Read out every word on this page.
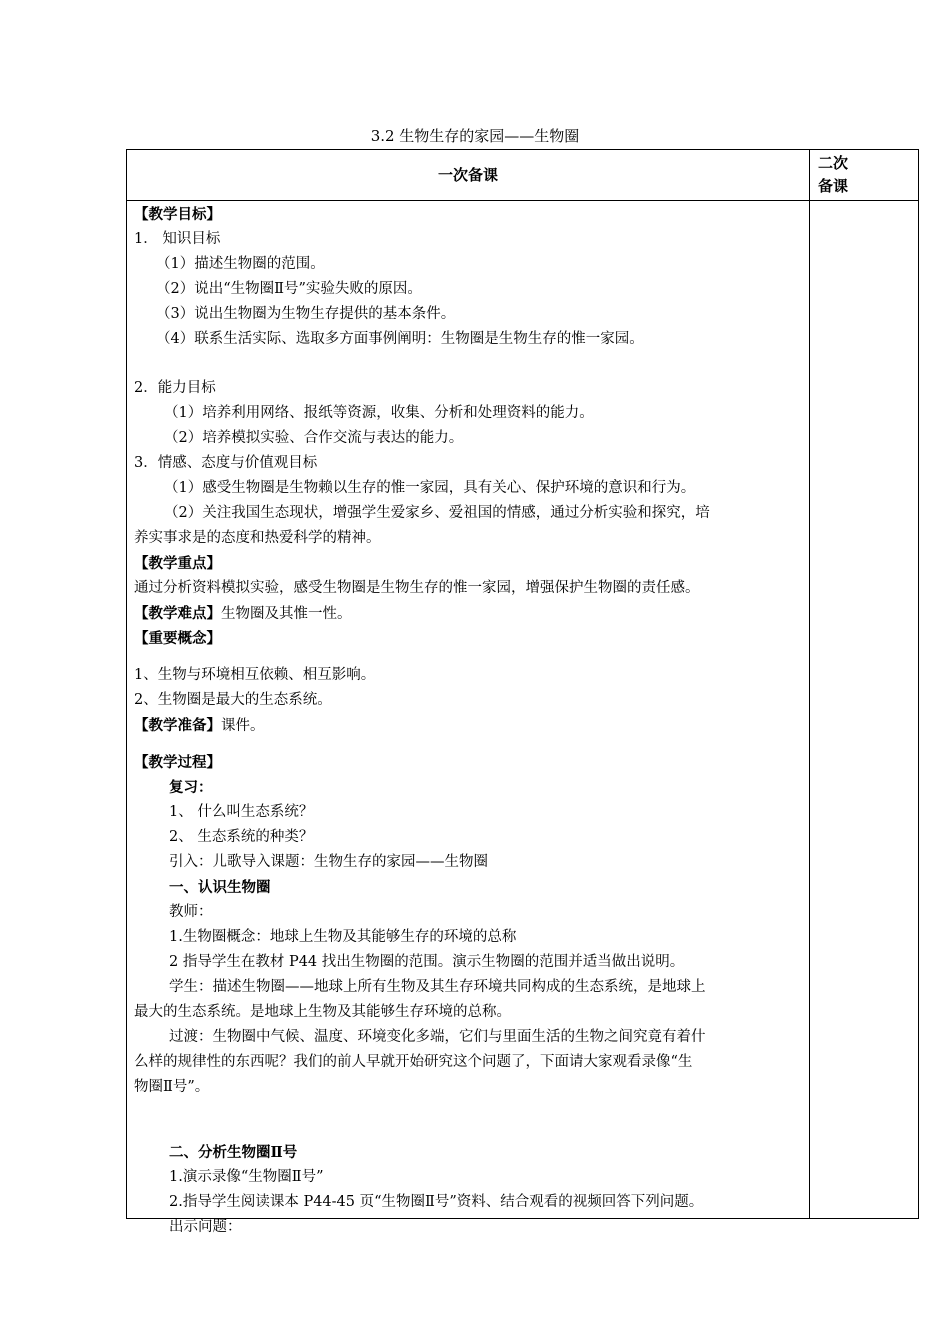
3.2 生物生存的家园——生物圈
一次备课
二次
备课
【教学目标】
1． 知识目标
（1）描述生物圈的范围。
（2）说出“生物圈Ⅱ号”实验失败的原因。
（3）说出生物圈为生物生存提供的基本条件。
（4）联系生活实际、选取多方面事例阐明：生物圈是生物生存的惟一家园。
2．能力目标
（1）培养利用网络、报纸等资源，收集、分析和处理资料的能力。
（2）培养模拟实验、合作交流与表达的能力。
3．情感、态度与价值观目标
（1）感受生物圈是生物赖以生存的惟一家园，具有关心、保护环境的意识和行为。
（2）关注我国生态现状，增强学生爱家乡、爱祖国的情感，通过分析实验和探究，培
养实事求是的态度和热爱科学的精神。
【教学重点】
通过分析资料模拟实验，感受生物圈是生物生存的惟一家园，增强保护生物圈的责任感。
【教学难点】生物圈及其惟一性。
【重要概念】
1、生物与环境相互依赖、相互影响。
2、生物圈是最大的生态系统。
【教学准备】课件。
【教学过程】
复习：
1、 什么叫生态系统？
2、 生态系统的种类？
引入：儿歌导入课题：生物生存的家园——生物圈
一、认识生物圈
教师：
1.生物圈概念：地球上生物及其能够生存的环境的总称
2 指导学生在教材 P44 找出生物圈的范围。演示生物圈的范围并适当做出说明。
学生：描述生物圈——地球上所有生物及其生存环境共同构成的生态系统，是地球上
最大的生态系统。是地球上生物及其能够生存环境的总称。
过渡：生物圈中气候、温度、环境变化多端，它们与里面生活的生物之间究竟有着什
么样的规律性的东西呢？我们的前人早就开始研究这个问题了，下面请大家观看录像“生
物圈Ⅱ号”。
二、分析生物圈Ⅱ号
1.演示录像“生物圈Ⅱ号”
2.指导学生阅读课本 P44-45 页“生物圈Ⅱ号”资料、结合观看的视频回答下列问题。
出示问题：
